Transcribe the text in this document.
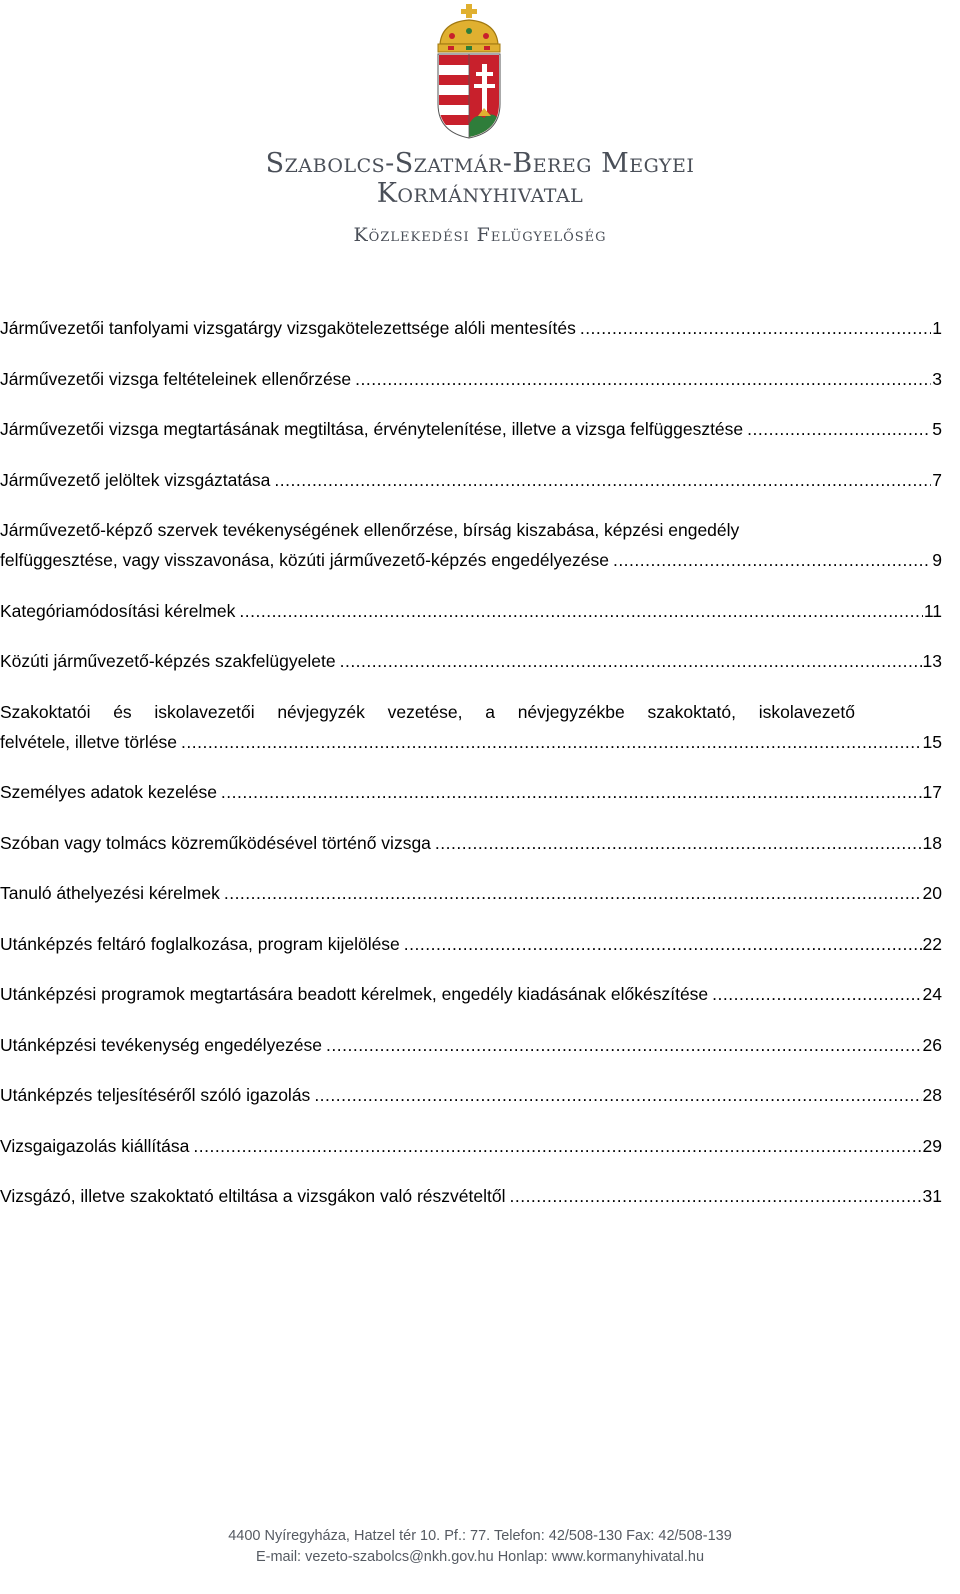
Szabolcs-Szatmár-Bereg Megyei
Kormányhivatal
Közlekedési Felügyelőség
Járművezetői tanfolyami vizsgatárgy vizsgakötelezettsége alóli mentesítés .....	1
Járművezetői vizsga feltételeinek ellenőrzése .....	3
Járművezetői vizsga megtartásának megtiltása, érvénytelenítése, illetve a vizsga felfüggesztése .....	5
Járművezető jelöltek vizsgáztatása .....	7
Járművezető-képző szervek tevékenységének ellenőrzése, bírság kiszabása, képzési engedély
felfüggesztése, vagy visszavonása, közúti járművezető-képzés engedélyezése .....	9
Kategóriamódosítási kérelmek .....	11
Közúti járművezető-képzés szakfelügyelete .....	13
Szakoktatói és iskolavezetői névjegyzék vezetése, a névjegyzékbe szakoktató, iskolavezető
felvétele, illetve törlése .....	15
Személyes adatok kezelése .....	17
Szóban vagy tolmács közreműködésével történő vizsga .....	18
Tanuló áthelyezési kérelmek .....	20
Utánképzés feltáró foglalkozása, program kijelölése .....	22
Utánképzési programok megtartására beadott kérelmek, engedély kiadásának előkészítése .....	24
Utánképzési tevékenység engedélyezése .....	26
Utánképzés teljesítéséről szóló igazolás .....	28
Vizsgaigazolás kiállítása .....	29
Vizsgázó, illetve szakoktató eltiltása a vizsgákon való részvételtől .....	31
4400 Nyíregyháza, Hatzel tér 10. Pf.: 77. Telefon: 42/508-130 Fax: 42/508-139
E-mail: vezeto-szabolcs@nkh.gov.hu Honlap: www.kormanyhivatal.hu
